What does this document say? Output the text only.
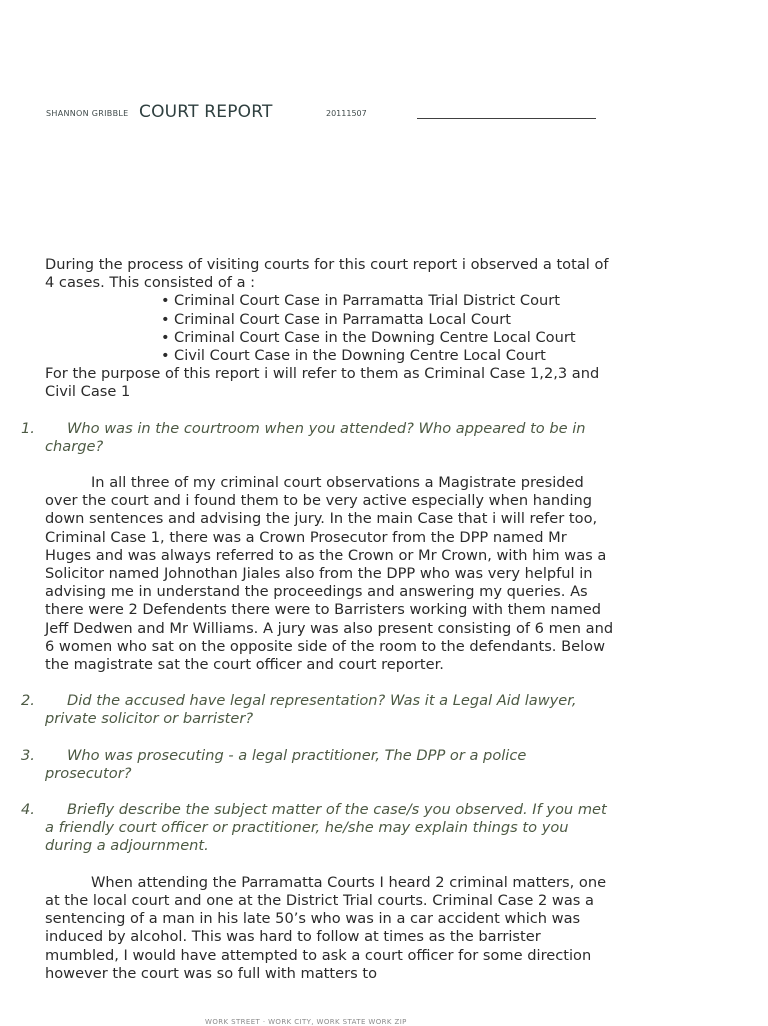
SHANNON GRIBBLE COURT REPORT	20111507

During the process of visiting courts for this court report i observed a total of 4 cases. This consisted of a :

• Criminal Court Case in Parramatta Trial District Court
• Criminal Court Case in Parramatta Local Court
• Criminal Court Case in the Downing Centre Local Court
• Civil Court Case in the Downing Centre Local Court

For the purpose of this report i will refer to them as Criminal Case 1,2,3 and Civil Case 1

1.	Who was in the courtroom when you attended? Who appeared to be in charge?

In all three of my criminal court observations a Magistrate presided over the court and i found them to be very active especially when handing down sentences and advising the jury. In the main Case that i will refer too, Criminal Case 1, there was a Crown Prosecutor from the DPP named Mr Huges and was always referred to as the Crown or Mr Crown, with him was a Solicitor named Johnothan Jiales also from the DPP who was very helpful in advising me in understand the proceedings and answering my queries. As there were 2 Defendents there were to Barristers working with them named Jeff Dedwen and Mr Williams. A jury was also present consisting of 6 men and 6 women who sat on the opposite side of the room to the defendants. Below the magistrate sat the court officer and court reporter.

2.	Did the accused have legal representation? Was it a Legal Aid lawyer, private solicitor or barrister?
3.	Who was prosecuting - a legal practitioner, The DPP or a police prosecutor?
4.	Briefly describe the subject matter of the case/s you observed. If you met a friendly court officer or practitioner, he/she may explain things to you during a adjournment.

When attending the Parramatta Courts I heard 2 criminal matters, one at the local court and one at the District Trial courts. Criminal Case 2 was a sentencing of a man in his late 50’s who was in a car accident which was induced by alcohol. This was hard to follow at times as the barrister mumbled, I would have attempted to ask a court officer for some direction however the court was so full with matters to

WORK STREET · WORK CITY, WORK STATE WORK ZIP
